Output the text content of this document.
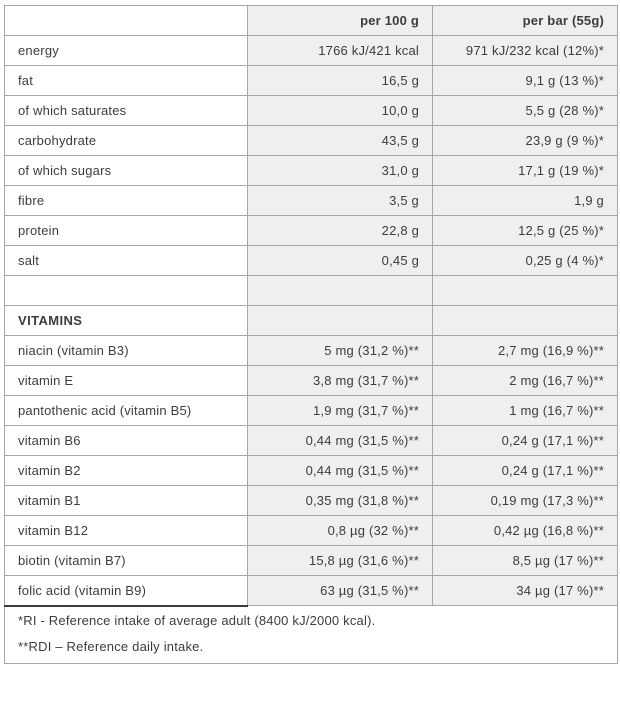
	per 100 g	per bar (55g)
energy	1766 kJ/421 kcal	971 kJ/232 kcal (12%)*
fat	16,5 g	9,1 g (13 %)*
of which saturates	10,0 g	5,5 g (28 %)*
carbohydrate	43,5 g	23,9 g (9 %)*
of which sugars	31,0 g	17,1 g (19 %)*
fibre	3,5 g	1,9 g
protein	22,8 g	12,5 g (25 %)*
salt	0,45 g	0,25 g (4 %)*

VITAMINS		
niacin (vitamin B3)	5 mg (31,2 %)**	2,7 mg (16,9 %)**
vitamin E	3,8 mg (31,7 %)**	2 mg (16,7 %)**
pantothenic acid (vitamin B5)	1,9 mg (31,7 %)**	1 mg (16,7 %)**
vitamin B6	0,44 mg (31,5 %)**	0,24 g (17,1 %)**
vitamin B2	0,44 mg (31,5 %)**	0,24 g (17,1 %)**
vitamin B1	0,35 mg (31,8 %)**	0,19 mg (17,3 %)**
vitamin B12	0,8 µg (32 %)**	0,42 µg (16,8 %)**
biotin (vitamin B7)	15,8 µg (31,6 %)**	8,5 µg (17 %)**
folic acid (vitamin B9)	63 µg (31,5 %)**	34 µg (17 %)**

*RI - Reference intake of average adult (8400 kJ/2000 kcal).

**RDI – Reference daily intake.		
